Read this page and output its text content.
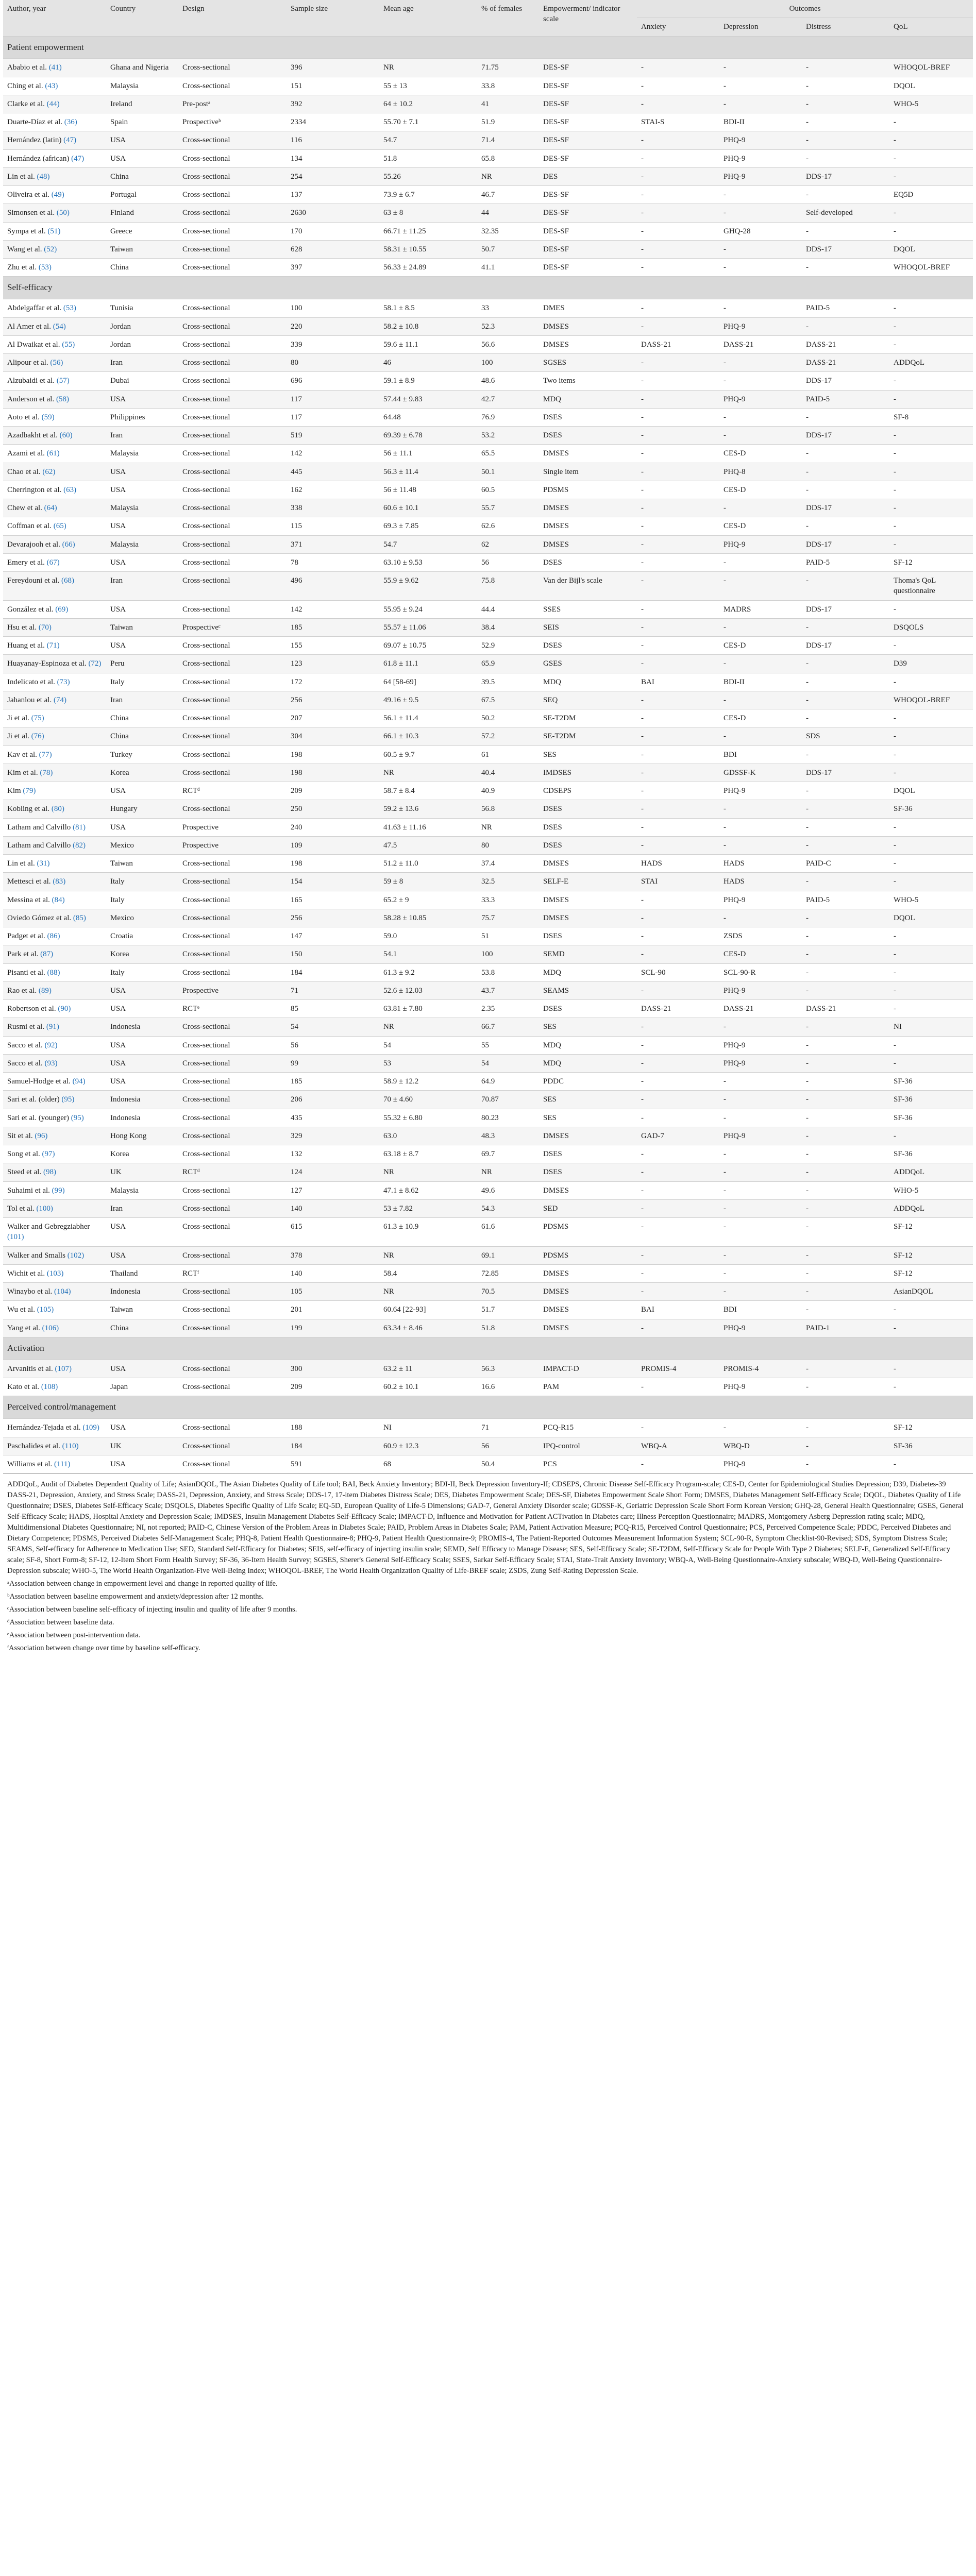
Author, year	Country	Design	Sample size	Mean age	% of females	Empowerment/ indicator scale	Outcomes			
							Anxiety	Depression	Distress	QoL
Patient empowerment										
Ababio et al. (41)	Ghana and Nigeria	Cross-sectional	396	NR	71.75	DES-SF	-	-	-	WHOQOL-BREF
Ching et al. (43)	Malaysia	Cross-sectional	151	55 ± 13	33.8	DES-SF	-	-	-	DQOL
Clarke et al. (44)	Ireland	Pre-postᵃ	392	64 ± 10.2	41	DES-SF	-	-	-	WHO-5
Duarte-Díaz et al. (36)	Spain	Prospectiveᵇ	2334	55.70 ± 7.1	51.9	DES-SF	STAI-S	BDI-II	-	-
Hernández (latin) (47)	USA	Cross-sectional	116	54.7	71.4	DES-SF	-	PHQ-9	-	-
Hernández (african) (47)	USA	Cross-sectional	134	51.8	65.8	DES-SF	-	PHQ-9	-	-
Lin et al. (48)	China	Cross-sectional	254	55.26	NR	DES	-	PHQ-9	DDS-17	-
Oliveira et al. (49)	Portugal	Cross-sectional	137	73.9 ± 6.7	46.7	DES-SF	-	-	-	EQ5D
Simonsen et al. (50)	Finland	Cross-sectional	2630	63 ± 8	44	DES-SF	-	-	Self-developed	-
Sympa et al. (51)	Greece	Cross-sectional	170	66.71 ± 11.25	32.35	DES-SF	-	GHQ-28	-	-
Wang et al. (52)	Taiwan	Cross-sectional	628	58.31 ± 10.55	50.7	DES-SF	-	-	DDS-17	DQOL
Zhu et al. (53)	China	Cross-sectional	397	56.33 ± 24.89	41.1	DES-SF	-	-	-	WHOQOL-BREF
Self-efficacy										
Abdelgaffar et al. (53)	Tunisia	Cross-sectional	100	58.1 ± 8.5	33	DMES	-	-	PAID-5	-
Al Amer et al. (54)	Jordan	Cross-sectional	220	58.2 ± 10.8	52.3	DMSES	-	PHQ-9	-	-
Al Dwaikat et al. (55)	Jordan	Cross-sectional	339	59.6 ± 11.1	56.6	DMSES	DASS-21	DASS-21	DASS-21	-
Alipour et al. (56)	Iran	Cross-sectional	80	46	100	SGSES	-	-	DASS-21	ADDQoL
Alzubaidi et al. (57)	Dubai	Cross-sectional	696	59.1 ± 8.9	48.6	Two items	-	-	DDS-17	-
Anderson et al. (58)	USA	Cross-sectional	117	57.44 ± 9.83	42.7	MDQ	-	PHQ-9	PAID-5	-
Aoto et al. (59)	Philippines	Cross-sectional	117	64.48	76.9	DSES	-	-	-	SF-8
Azadbakht et al. (60)	Iran	Cross-sectional	519	69.39 ± 6.78	53.2	DSES	-	-	DDS-17	-
Azami et al. (61)	Malaysia	Cross-sectional	142	56 ± 11.1	65.5	DMSES	-	CES-D	-	-
Chao et al. (62)	USA	Cross-sectional	445	56.3 ± 11.4	50.1	Single item	-	PHQ-8	-	-
Cherrington et al. (63)	USA	Cross-sectional	162	56 ± 11.48	60.5	PDSMS	-	CES-D	-	-
Chew et al. (64)	Malaysia	Cross-sectional	338	60.6 ± 10.1	55.7	DMSES	-	-	DDS-17	-
Coffman et al. (65)	USA	Cross-sectional	115	69.3 ± 7.85	62.6	DMSES	-	CES-D	-	-
Devarajooh et al. (66)	Malaysia	Cross-sectional	371	54.7	62	DMSES	-	PHQ-9	DDS-17	-
Emery et al. (67)	USA	Cross-sectional	78	63.10 ± 9.53	56	DSES	-	-	PAID-5	SF-12
Fereydouni et al. (68)	Iran	Cross-sectional	496	55.9 ± 9.62	75.8	Van der Bijl's scale	-	-	-	Thoma's QoL questionnaire
González et al. (69)	USA	Cross-sectional	142	55.95 ± 9.24	44.4	SSES	-	MADRS	DDS-17	-
Hsu et al. (70)	Taiwan	Prospectiveᶜ	185	55.57 ± 11.06	38.4	SEIS	-	-	-	DSQOLS
Huang et al. (71)	USA	Cross-sectional	155	69.07 ± 10.75	52.9	DSES	-	CES-D	DDS-17	-
Huayanay-Espinoza et al. (72)	Peru	Cross-sectional	123	61.8 ± 11.1	65.9	GSES	-	-	-	D39
Indelicato et al. (73)	Italy	Cross-sectional	172	64 [58-69]	39.5	MDQ	BAI	BDI-II	-	-
Jahanlou et al. (74)	Iran	Cross-sectional	256	49.16 ± 9.5	67.5	SEQ	-	-	-	WHOQOL-BREF
Ji et al. (75)	China	Cross-sectional	207	56.1 ± 11.4	50.2	SE-T2DM	-	CES-D	-	-
Ji et al. (76)	China	Cross-sectional	304	66.1 ± 10.3	57.2	SE-T2DM	-	-	SDS	-
Kav et al. (77)	Turkey	Cross-sectional	198	60.5 ± 9.7	61	SES	-	BDI	-	-
Kim et al. (78)	Korea	Cross-sectional	198	NR	40.4	IMDSES	-	GDSSF-K	DDS-17	-
Kim (79)	USA	RCTᵈ	209	58.7 ± 8.4	40.9	CDSEPS	-	PHQ-9	-	DQOL
Kobling et al. (80)	Hungary	Cross-sectional	250	59.2 ± 13.6	56.8	DSES	-	-	-	SF-36
Latham and Calvillo (81)	USA	Prospective	240	41.63 ± 11.16	NR	DSES	-	-	-	-
Latham and Calvillo (82)	Mexico	Prospective	109	47.5	80	DSES	-	-	-	-
Lin et al. (31)	Taiwan	Cross-sectional	198	51.2 ± 11.0	37.4	DMSES	HADS	HADS	PAID-C	-
Mettesci et al. (83)	Italy	Cross-sectional	154	59 ± 8	32.5	SELF-E	STAI	HADS	-	-
Messina et al. (84)	Italy	Cross-sectional	165	65.2 ± 9	33.3	DMSES	-	PHQ-9	PAID-5	WHO-5
Oviedo Gómez et al. (85)	Mexico	Cross-sectional	256	58.28 ± 10.85	75.7	DMSES	-	-	-	DQOL
Padget et al. (86)	Croatia	Cross-sectional	147	59.0	51	DSES	-	ZSDS	-	-
Park et al. (87)	Korea	Cross-sectional	150	54.1	100	SEMD	-	CES-D	-	-
Pisanti et al. (88)	Italy	Cross-sectional	184	61.3 ± 9.2	53.8	MDQ	SCL-90	SCL-90-R	-	-
Rao et al. (89)	USA	Prospective	71	52.6 ± 12.03	43.7	SEAMS	-	PHQ-9	-	-
Robertson et al. (90)	USA	RCTᵉ	85	63.81 ± 7.80	2.35	DSES	DASS-21	DASS-21	DASS-21	-
Rusmi et al. (91)	Indonesia	Cross-sectional	54	NR	66.7	SES	-	-	-	NI
Sacco et al. (92)	USA	Cross-sectional	56	54	55	MDQ	-	PHQ-9	-	-
Sacco et al. (93)	USA	Cross-sectional	99	53	54	MDQ	-	PHQ-9	-	-
Samuel-Hodge et al. (94)	USA	Cross-sectional	185	58.9 ± 12.2	64.9	PDDC	-	-	-	SF-36
Sari et al. (older) (95)	Indonesia	Cross-sectional	206	70 ± 4.60	70.87	SES	-	-	-	SF-36
Sari et al. (younger) (95)	Indonesia	Cross-sectional	435	55.32 ± 6.80	80.23	SES	-	-	-	SF-36
Sit et al. (96)	Hong Kong	Cross-sectional	329	63.0	48.3	DMSES	GAD-7	PHQ-9	-	-
Song et al. (97)	Korea	Cross-sectional	132	63.18 ± 8.7	69.7	DSES	-	-	-	SF-36
Steed et al. (98)	UK	RCTᵈ	124	NR	NR	DSES	-	-	-	ADDQoL
Suhaimi et al. (99)	Malaysia	Cross-sectional	127	47.1 ± 8.62	49.6	DMSES	-	-	-	WHO-5
Tol et al. (100)	Iran	Cross-sectional	140	53 ± 7.82	54.3	SED	-	-	-	ADDQoL
Walker and Gebregziabher (101)	USA	Cross-sectional	615	61.3 ± 10.9	61.6	PDSMS	-	-	-	SF-12
Walker and Smalls (102)	USA	Cross-sectional	378	NR	69.1	PDSMS	-	-	-	SF-12
Wichit et al. (103)	Thailand	RCTᶠ	140	58.4	72.85	DMSES	-	-	-	SF-12
Winaybo et al. (104)	Indonesia	Cross-sectional	105	NR	70.5	DMSES	-	-	-	AsianDQOL
Wu et al. (105)	Taiwan	Cross-sectional	201	60.64 [22-93]	51.7	DMSES	BAI	BDI	-	-
Yang et al. (106)	China	Cross-sectional	199	63.34 ± 8.46	51.8	DMSES	-	PHQ-9	PAID-1	-
Activation										
Arvanitis et al. (107)	USA	Cross-sectional	300	63.2 ± 11	56.3	IMPACT-D	PROMIS-4	PROMIS-4	-	-
Kato et al. (108)	Japan	Cross-sectional	209	60.2 ± 10.1	16.6	PAM	-	PHQ-9	-	-
Perceived control/management										
Hernández-Tejada et al. (109)	USA	Cross-sectional	188	NI	71	PCQ-R15	-	-	-	SF-12
Paschalides et al. (110)	UK	Cross-sectional	184	60.9 ± 12.3	56	IPQ-control	WBQ-A	WBQ-D	-	SF-36
Williams et al. (111)	USA	Cross-sectional	591	68	50.4	PCS	-	PHQ-9	-	-

ADDQoL, Audit of Diabetes Dependent Quality of Life; AsianDQOL, The Asian Diabetes Quality of Life tool; BAI, Beck Anxiety Inventory; BDI-II, Beck Depression Inventory-II; CDSEPS, Chronic Disease Self-Efficacy Program-scale; CES-D, Center for Epidemiological Studies Depression; D39, Diabetes-39 DASS-21, Depression, Anxiety, and Stress Scale; DASS-21, Depression, Anxiety, and Stress Scale; DDS-17, 17-item Diabetes Distress Scale; DES, Diabetes Empowerment Scale; DES-SF, Diabetes Empowerment Scale Short Form; DMSES, Diabetes Management Self-Efficacy Scale; DQOL, Diabetes Quality of Life Questionnaire; DSES, Diabetes Self-Efficacy Scale; DSQOLS, Diabetes Specific Quality of Life Scale; EQ-5D, European Quality of Life-5 Dimensions; GAD-7, General Anxiety Disorder scale; GDSSF-K, Geriatric Depression Scale Short Form Korean Version; GHQ-28, General Health Questionnaire; GSES, General Self-Efficacy Scale; HADS, Hospital Anxiety and Depression Scale; IMDSES, Insulin Management Diabetes Self-Efficacy Scale; IMPACT-D, Influence and Motivation for Patient ACTivation in Diabetes care; Illness Perception Questionnaire; MADRS, Montgomery Asberg Depression rating scale; MDQ, Multidimensional Diabetes Questionnaire; NI, not reported; PAID-C, Chinese Version of the Problem Areas in Diabetes Scale; PAID, Problem Areas in Diabetes Scale; PAM, Patient Activation Measure; PCQ-R15, Perceived Control Questionnaire; PCS, Perceived Competence Scale; PDDC, Perceived Diabetes and Dietary Competence; PDSMS, Perceived Diabetes Self-Management Scale; PHQ-8, Patient Health Questionnaire-8; PHQ-9, Patient Health Questionnaire-9; PROMIS-4, The Patient-Reported Outcomes Measurement Information System; SCL-90-R, Symptom Checklist-90-Revised; SDS, Symptom Distress Scale; SEAMS, Self-efficacy for Adherence to Medication Use; SED, Standard Self-Efficacy for Diabetes; SEIS, self-efficacy of injecting insulin scale; SEMD, Self Efficacy to Manage Disease; SES, Self-Efficacy Scale; SE-T2DM, Self-Efficacy Scale for People With Type 2 Diabetes; SELF-E, Generalized Self-Efficacy scale; SF-8, Short Form-8; SF-12, 12-Item Short Form Health Survey; SF-36, 36-Item Health Survey; SGSES, Sherer's General Self-Efficacy Scale; SSES, Sarkar Self-Efficacy Scale; STAI, State-Trait Anxiety Inventory; WBQ-A, Well-Being Questionnaire-Anxiety subscale; WBQ-D, Well-Being Questionnaire-Depression subscale; WHO-5, The World Health Organization-Five Well-Being Index; WHOQOL-BREF, The World Health Organization Quality of Life-BREF scale; ZSDS, Zung Self-Rating Depression Scale.

ᵃAssociation between change in empowerment level and change in reported quality of life.

ᵇAssociation between baseline empowerment and anxiety/depression after 12 months.

ᶜAssociation between baseline self-efficacy of injecting insulin and quality of life after 9 months.

ᵈAssociation between baseline data.

ᵉAssociation between post-intervention data.

ᶠAssociation between change over time by baseline self-efficacy.
